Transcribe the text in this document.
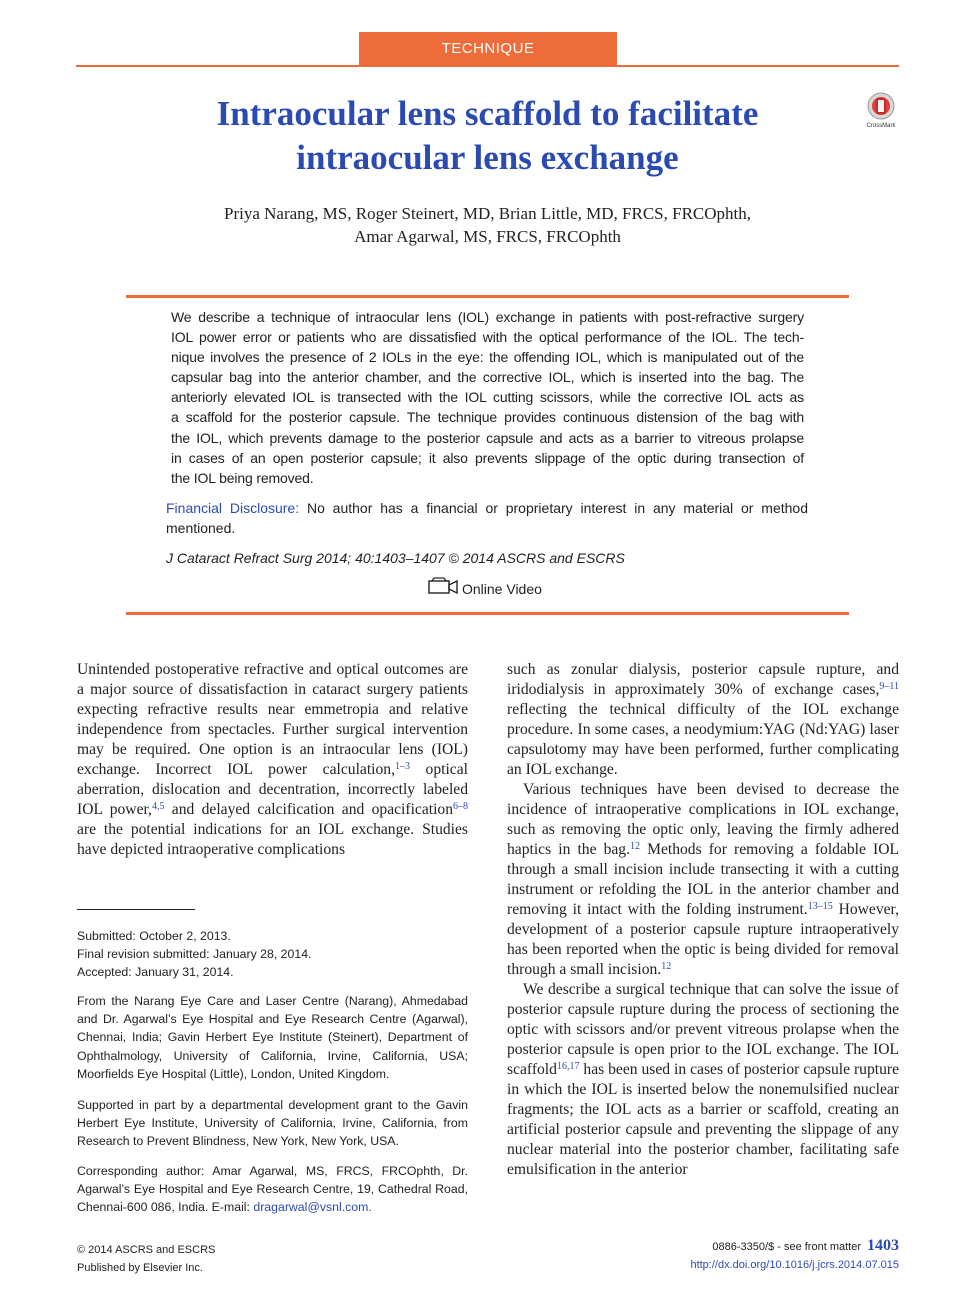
TECHNIQUE
Intraocular lens scaffold to facilitate
intraocular lens exchange
CrossMark
Priya Narang, MS, Roger Steinert, MD, Brian Little, MD, FRCS, FRCOphth,
Amar Agarwal, MS, FRCS, FRCOphth
We describe a technique of intraocular lens (IOL) exchange in patients with post-refractive surgery
IOL power error or patients who are dissatisfied with the optical performance of the IOL. The tech-
nique involves the presence of 2 IOLs in the eye: the offending IOL, which is manipulated out of the
capsular bag into the anterior chamber, and the corrective IOL, which is inserted into the bag. The
anteriorly elevated IOL is transected with the IOL cutting scissors, while the corrective IOL acts as
a scaffold for the posterior capsule. The technique provides continuous distension of the bag with
the IOL, which prevents damage to the posterior capsule and acts as a barrier to vitreous prolapse
in cases of an open posterior capsule; it also prevents slippage of the optic during transection of
the IOL being removed.
Financial Disclosure: No author has a financial or proprietary interest in any material or method mentioned.
J Cataract Refract Surg 2014; 40:1403–1407 © 2014 ASCRS and ESCRS
Online Video

Unintended postoperative refractive and optical outcomes are a major source of dissatisfaction in cataract surgery patients expecting refractive results near emmetropia and relative independence from spectacles. Further surgical intervention may be required. One option is an intraocular lens (IOL) exchange. Incorrect IOL power calculation,$^{1-3}$ optical aberration, dislocation and decentration, incorrectly labeled IOL power,$^{4,5}$ and delayed calcification and opacification$^{6-8}$ are the potential indications for an IOL exchange. Studies have depicted intraoperative complications

such as zonular dialysis, posterior capsule rupture, and iridodialysis in approximately 30% of exchange cases,$^{9-11}$ reflecting the technical difficulty of the IOL exchange procedure. In some cases, a neodymium:YAG (Nd:YAG) laser capsulotomy may have been performed, further complicating an IOL exchange.

Various techniques have been devised to decrease the incidence of intraoperative complications in IOL exchange, such as removing the optic only, leaving the firmly adhered haptics in the bag.$^{12}$ Methods for removing a foldable IOL through a small incision include transecting it with a cutting instrument or refolding the IOL in the anterior chamber and removing it intact with the folding instrument.$^{13-15}$ However, development of a posterior capsule rupture intraoperatively has been reported when the optic is being divided for removal through a small incision.$^{12}$

We describe a surgical technique that can solve the issue of posterior capsule rupture during the process of sectioning the optic with scissors and/or prevent vitreous prolapse when the posterior capsule is open prior to the IOL exchange. The IOL scaffold$^{16,17}$ has been used in cases of posterior capsule rupture in which the IOL is inserted below the nonemulsified nuclear fragments; the IOL acts as a barrier or scaffold, creating an artificial posterior capsule and preventing the slippage of any nuclear material into the posterior chamber, facilitating safe emulsification in the anterior

Submitted: October 2, 2013.

Final revision submitted: January 28, 2014.

Accepted: January 31, 2014.

From the Narang Eye Care and Laser Centre (Narang), Ahmedabad and Dr. Agarwal’s Eye Hospital and Eye Research Centre (Agarwal), Chennai, India; Gavin Herbert Eye Institute (Steinert), Department of Ophthalmology, University of California, Irvine, California, USA; Moorfields Eye Hospital (Little), London, United Kingdom.

Supported in part by a departmental development grant to the Gavin Herbert Eye Institute, University of California, Irvine, California, from Research to Prevent Blindness, New York, New York, USA.

Corresponding author: Amar Agarwal, MS, FRCS, FRCOphth, Dr. Agarwal’s Eye Hospital and Eye Research Centre, 19, Cathedral Road, Chennai-600 086, India. E-mail: dragarwal@vsnl.com.

© 2014 ASCRS and ESCRS
Published by Elsevier Inc.
0886-3350/$ - see front matter 1403
http://dx.doi.org/10.1016/j.jcrs.2014.07.015
